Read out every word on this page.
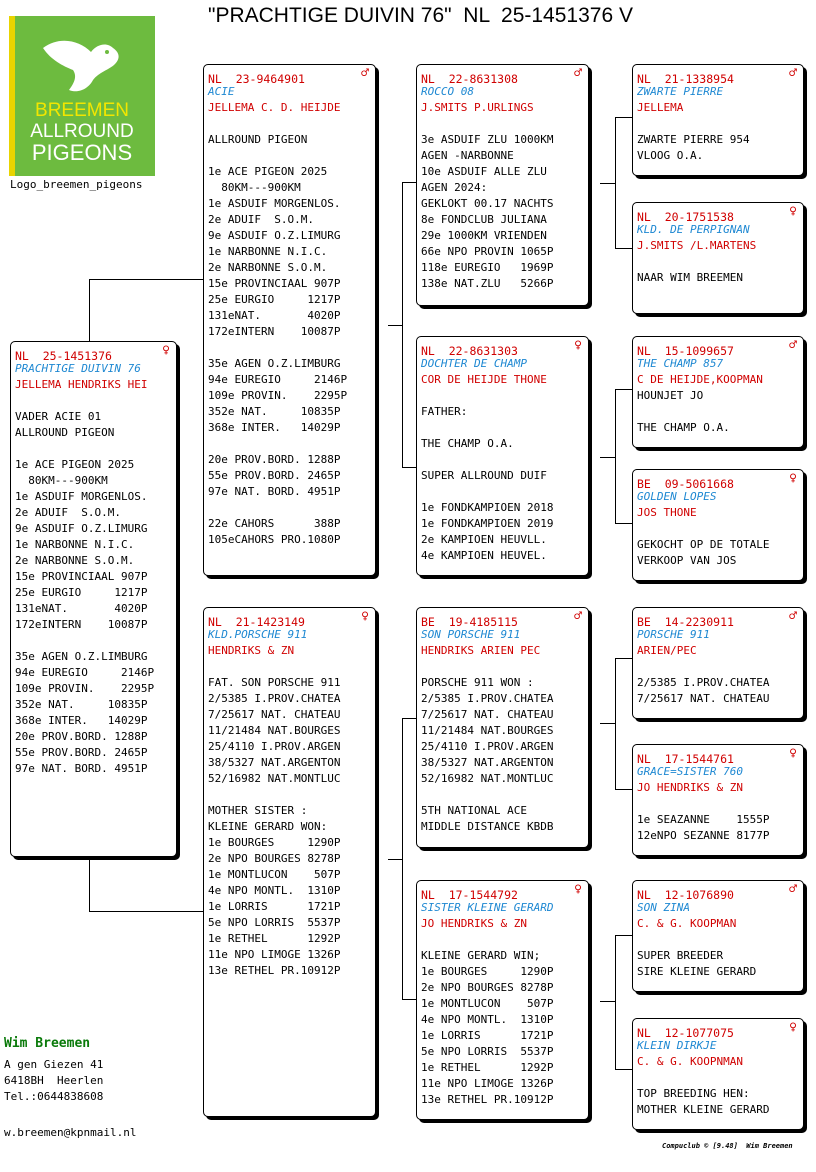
"PRACHTIGE DUIVIN 76"  NL  25-1451376 V
BREEMEN
ALLROUND
PIGEONS
Logo_breemen_pigeons
NL  25-1451376	♀
PRACHTIGE DUIVIN 76
JELLEMA HENDRIKS HEI
VADER ACIE 01
ALLROUND PIGEON
1e ACE PIGEON 2025
80KM---900KM
1e ASDUIF MORGENLOS.
2e ADUIF  S.O.M.
9e ASDUIF O.Z.LIMURG
1e NARBONNE N.I.C.
2e NARBONNE S.O.M.
15e PROVINCIAAL 907P
25e EURGIO     1217P
131eNAT.       4020P
172eINTERN    10087P
35e AGEN O.Z.LIMBURG
94e EUREGIO     2146P
109e PROVIN.    2295P
352e NAT.     10835P
368e INTER.   14029P
20e PROV.BORD. 1288P
55e PROV.BORD. 2465P
97e NAT. BORD. 4951P
NL  23-9464901	♂
ACIE
JELLEMA C. D. HEIJDE
ALLROUND PIGEON
1e ACE PIGEON 2025
80KM---900KM
1e ASDUIF MORGENLOS.
2e ADUIF  S.O.M.
9e ASDUIF O.Z.LIMURG
1e NARBONNE N.I.C.
2e NARBONNE S.O.M.
15e PROVINCIAAL 907P
25e EURGIO     1217P
131eNAT.       4020P
172eINTERN    10087P
35e AGEN O.Z.LIMBURG
94e EUREGIO     2146P
109e PROVIN.    2295P
352e NAT.     10835P
368e INTER.   14029P
20e PROV.BORD. 1288P
55e PROV.BORD. 2465P
97e NAT. BORD. 4951P
22e CAHORS      388P
105eCAHORS PRO.1080P
NL  21-1423149	♀
KLD.PORSCHE 911
HENDRIKS & ZN
FAT. SON PORSCHE 911
2/5385 I.PROV.CHATEA
7/25617 NAT. CHATEAU
11/21484 NAT.BOURGES
25/4110 I.PROV.ARGEN
38/5327 NAT.ARGENTON
52/16982 NAT.MONTLUC
MOTHER SISTER :
KLEINE GERARD WON:
1e BOURGES     1290P
2e NPO BOURGES 8278P
1e MONTLUCON    507P
4e NPO MONTL.  1310P
1e LORRIS      1721P
5e NPO LORRIS  5537P
1e RETHEL      1292P
11e NPO LIMOGE 1326P
13e RETHEL PR.10912P
NL  22-8631308	♂
ROCCO 08
J.SMITS P.URLINGS
3e ASDUIF ZLU 1000KM
AGEN -NARBONNE
10e ASDUIF ALLE ZLU
AGEN 2024:
GEKLOKT 00.17 NACHTS
8e FONDCLUB JULIANA
29e 1000KM VRIENDEN
66e NPO PROVIN 1065P
118e EUREGIO   1969P
138e NAT.ZLU   5266P
NL  22-8631303	♀
DOCHTER DE CHAMP
COR DE HEIJDE THONE
FATHER:
THE CHAMP O.A.
SUPER ALLROUND DUIF
1e FONDKAMPIOEN 2018
1e FONDKAMPIOEN 2019
2e KAMPIOEN HEUVLL.
4e KAMPIOEN HEUVEL.
BE  19-4185115	♂
SON PORSCHE 911
HENDRIKS ARIEN PEC
PORSCHE 911 WON :
2/5385 I.PROV.CHATEA
7/25617 NAT. CHATEAU
11/21484 NAT.BOURGES
25/4110 I.PROV.ARGEN
38/5327 NAT.ARGENTON
52/16982 NAT.MONTLUC
5TH NATIONAL ACE
MIDDLE DISTANCE KBDB
NL  17-1544792	♀
SISTER KLEINE GERARD
JO HENDRIKS & ZN
KLEINE GERARD WIN;
1e BOURGES     1290P
2e NPO BOURGES 8278P
1e MONTLUCON    507P
4e NPO MONTL.  1310P
1e LORRIS      1721P
5e NPO LORRIS  5537P
1e RETHEL      1292P
11e NPO LIMOGE 1326P
13e RETHEL PR.10912P
NL  21-1338954	♂
ZWARTE PIERRE
JELLEMA
ZWARTE PIERRE 954
VLOOG O.A.
NL  20-1751538	♀
KLD. DE PERPIGNAN
J.SMITS /L.MARTENS
NAAR WIM BREEMEN
NL  15-1099657	♂
THE CHAMP 857
C DE HEIJDE,KOOPMAN
HOUNJET JO
THE CHAMP O.A.
BE  09-5061668	♀
GOLDEN LOPES
JOS THONE
GEKOCHT OP DE TOTALE
VERKOOP VAN JOS
BE  14-2230911	♂
PORSCHE 911
ARIEN/PEC
2/5385 I.PROV.CHATEA
7/25617 NAT. CHATEAU
NL  17-1544761	♀
GRACE=SISTER 760
JO HENDRIKS & ZN
1e SEAZANNE    1555P
12eNPO SEZANNE 8177P
NL  12-1076890	♂
SON ZINA
C. & G. KOOPMAN
SUPER BREEDER
SIRE KLEINE GERARD
NL  12-1077075	♀
KLEIN DIRKJE
C. & G. KOOPNMAN
TOP BREEDING HEN:
MOTHER KLEINE GERARD
Wim Breemen
A gen Giezen 41
6418BH  Heerlen
Tel.:0644838608
w.breemen@kpnmail.nl
Compuclub © [9.48]  Wim Breemen
